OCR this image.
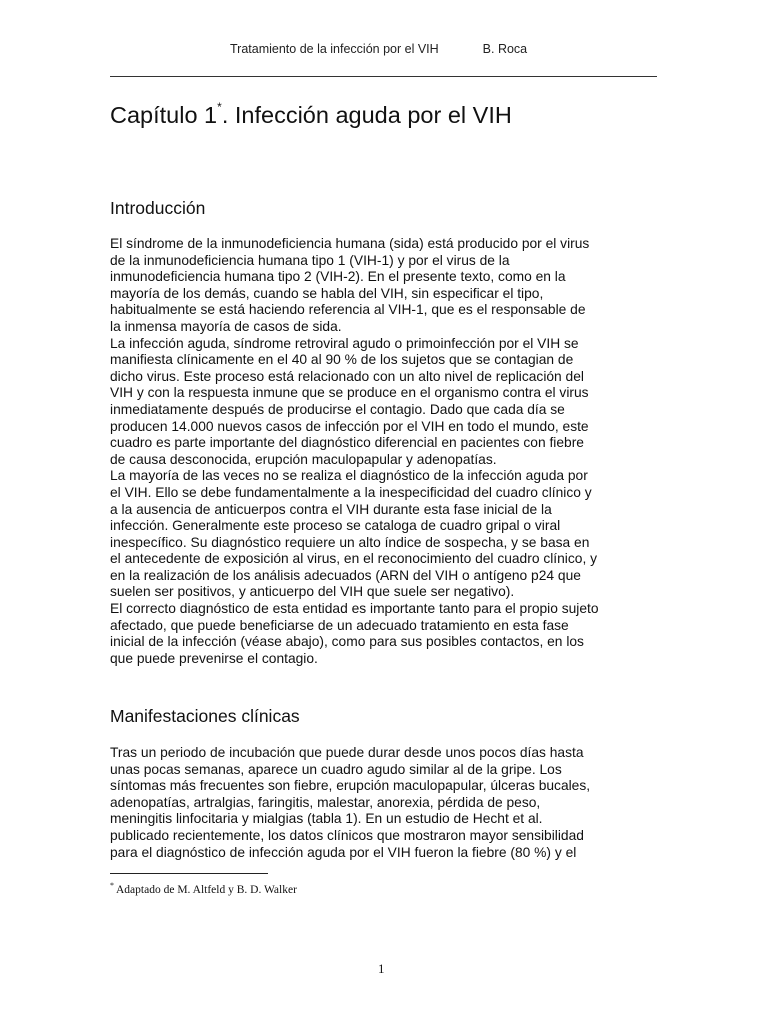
Tratamiento de la infección por el VIH	B. Roca
Capítulo 1*. Infección aguda por el VIH
Introducción
El síndrome de la inmunodeficiencia humana (sida) está producido por el virus
de la inmunodeficiencia humana tipo 1 (VIH-1) y por el virus de la
inmunodeficiencia humana tipo 2 (VIH-2). En el presente texto, como en la
mayoría de los demás, cuando se habla del VIH, sin especificar el tipo,
habitualmente se está haciendo referencia al VIH-1, que es el responsable de
la inmensa mayoría de casos de sida.
La infección aguda, síndrome retroviral agudo o primoinfección por el VIH se
manifiesta clínicamente en el 40 al 90 % de los sujetos que se contagian de
dicho virus. Este proceso está relacionado con un alto nivel de replicación del
VIH y con la respuesta inmune que se produce en el organismo contra el virus
inmediatamente después de producirse el contagio. Dado que cada día se
producen 14.000 nuevos casos de infección por el VIH en todo el mundo, este
cuadro es parte importante del diagnóstico diferencial en pacientes con fiebre
de causa desconocida, erupción maculopapular y adenopatías.
La mayoría de las veces no se realiza el diagnóstico de la infección aguda por
el VIH. Ello se debe fundamentalmente a la inespecificidad del cuadro clínico y
a la ausencia de anticuerpos contra el VIH durante esta fase inicial de la
infección. Generalmente este proceso se cataloga de cuadro gripal o viral
inespecífico. Su diagnóstico requiere un alto índice de sospecha, y se basa en
el antecedente de exposición al virus, en el reconocimiento del cuadro clínico, y
en la realización de los análisis adecuados (ARN del VIH o antígeno p24 que
suelen ser positivos, y anticuerpo del VIH que suele ser negativo).
El correcto diagnóstico de esta entidad es importante tanto para el propio sujeto
afectado, que puede beneficiarse de un adecuado tratamiento en esta fase
inicial de la infección (véase abajo), como para sus posibles contactos, en los
que puede prevenirse el contagio.
Manifestaciones clínicas
Tras un periodo de incubación que puede durar desde unos pocos días hasta
unas pocas semanas, aparece un cuadro agudo similar al de la gripe. Los
síntomas más frecuentes son fiebre, erupción maculopapular, úlceras bucales,
adenopatías, artralgias, faringitis, malestar, anorexia, pérdida de peso,
meningitis linfocitaria y mialgias (tabla 1). En un estudio de Hecht et al.
publicado recientemente, los datos clínicos que mostraron mayor sensibilidad
para el diagnóstico de infección aguda por el VIH fueron la fiebre (80 %) y el
* Adaptado de M. Altfeld y B. D. Walker
1
